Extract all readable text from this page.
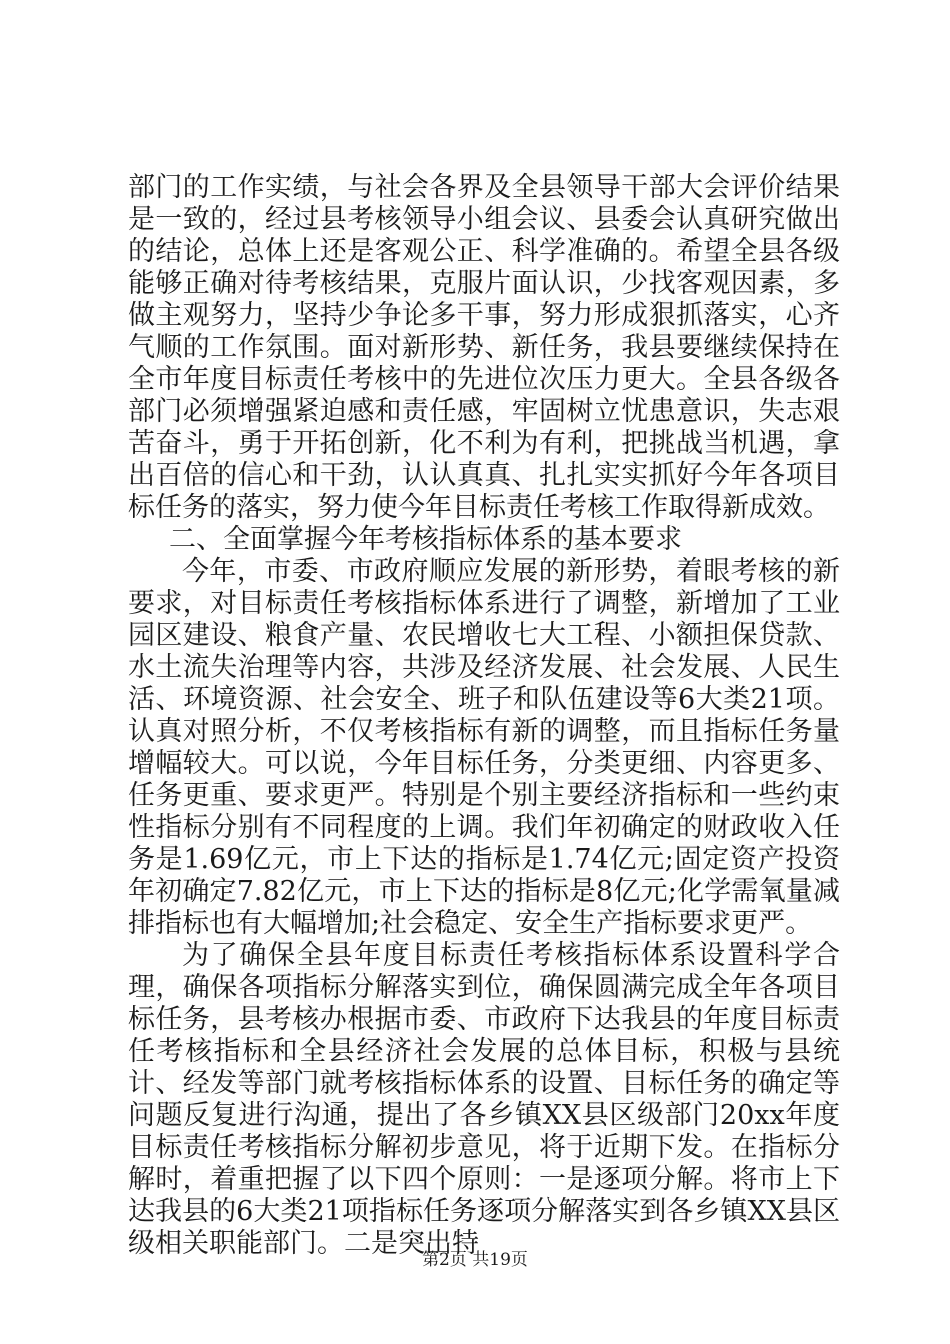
部门的工作实绩，与社会各界及全县领导干部大会评价结果是一致的，经过县考核领导小组会议、县委会认真研究做出的结论，总体上还是客观公正、科学准确的。希望全县各级能够正确对待考核结果，克服片面认识，少找客观因素，多做主观努力，坚持少争论多干事，努力形成狠抓落实，心齐气顺的工作氛围。面对新形势、新任务，我县要继续保持在全市年度目标责任考核中的先进位次压力更大。全县各级各部门必须增强紧迫感和责任感，牢固树立忧患意识，失志艰苦奋斗，勇于开拓创新，化不利为有利，把挑战当机遇，拿出百倍的信心和干劲，认认真真、扎扎实实抓好今年各项目标任务的落实，努力使今年目标责任考核工作取得新成效。

二、全面掌握今年考核指标体系的基本要求

今年，市委、市政府顺应发展的新形势，着眼考核的新要求，对目标责任考核指标体系进行了调整，新增加了工业园区建设、粮食产量、农民增收七大工程、小额担保贷款、水土流失治理等内容，共涉及经济发展、社会发展、人民生活、环境资源、社会安全、班子和队伍建设等6大类21项。认真对照分析，不仅考核指标有新的调整，而且指标任务量增幅较大。可以说，今年目标任务，分类更细、内容更多、任务更重、要求更严。特别是个别主要经济指标和一些约束性指标分别有不同程度的上调。我们年初确定的财政收入任务是1.69亿元，市上下达的指标是1.74亿元;固定资产投资年初确定7.82亿元，市上下达的指标是8亿元;化学需氧量减排指标也有大幅增加;社会稳定、安全生产指标要求更严。

为了确保全县年度目标责任考核指标体系设置科学合理，确保各项指标分解落实到位，确保圆满完成全年各项目标任务，县考核办根据市委、市政府下达我县的年度目标责任考核指标和全县经济社会发展的总体目标，积极与县统计、经发等部门就考核指标体系的设置、目标任务的确定等问题反复进行沟通，提出了各乡镇XX县区级部门20xx年度目标责任考核指标分解初步意见，将于近期下发。在指标分解时，着重把握了以下四个原则：一是逐项分解。将市上下达我县的6大类21项指标任务逐项分解落实到各乡镇XX县区级相关职能部门。二是突出特

第2页 共19页
